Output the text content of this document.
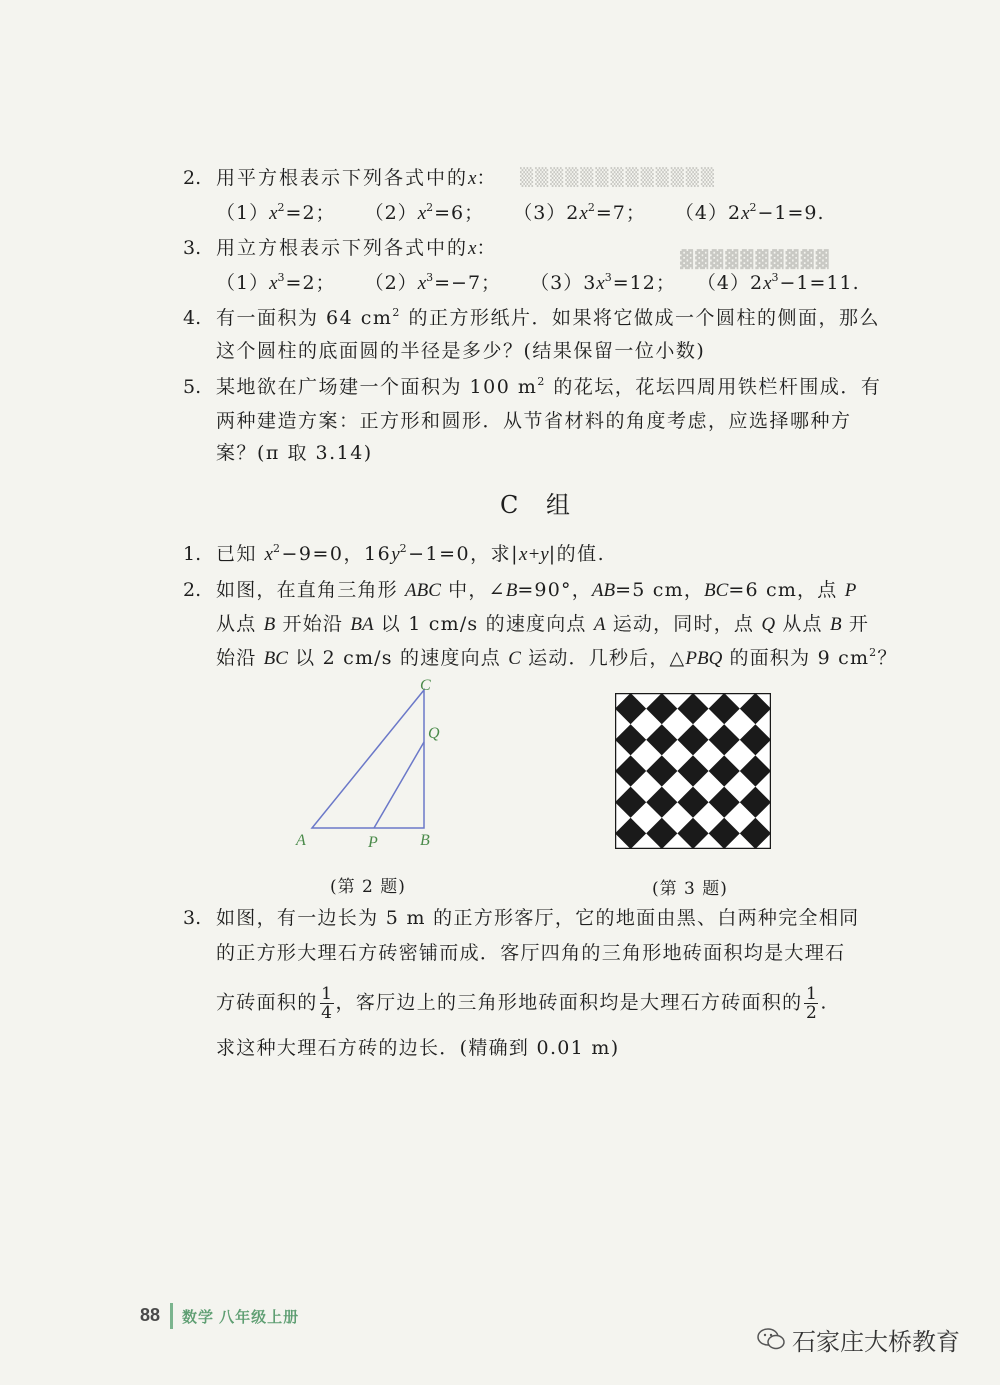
▒▒▒▒▒▒▒▒▒▒▒▒▒
▓▓▓▓▓▓▓▓▓▓
2. 用平方根表示下列各式中的x：
$(1)x^2=2$； $(2)x^2=6$； $(3)2x^2=7$； $(4)2x^2-1=9$.
3. 用立方根表示下列各式中的x：
$(1)x^3=2$； $(2)x^3=-7$； $(3)3x^3=12$； $(4)2x^3-1=11$.
4. 有一面积为 64 $cm^2$ 的正方形纸片．如果将它做成一个圆柱的侧面，那么
这个圆柱的底面圆的半径是多少？(结果保留一位小数)
5. 某地欲在广场建一个面积为 100 $m^2$ 的花坛，花坛四周用铁栏杆围成．有
两种建造方案：正方形和圆形．从节省材料的角度考虑，应选择哪种方
案？(π 取 3.14)
C 组
1. 已知 $x^2-9=0$，$16y^2-1=0$，求|x+y|的值.
2. 如图，在直角三角形 ABC 中，∠B=90°，AB=5 cm，BC=6 cm，点 P
从点 B 开始沿 BA 以 1 cm/s 的速度向点 A 运动，同时，点 Q 从点 B 开
始沿 BC 以 2 cm/s 的速度向点 C 运动．几秒后，△PBQ 的面积为 9 $cm^2$？
C
Q
A	P	B
(第 2 题)	(第 3 题)
3. 如图，有一边长为 5 m 的正方形客厅，它的地面由黑、白两种完全相同
的正方形大理石方砖密铺而成．客厅四角的三角形地砖面积均是大理石
方砖面积的 $\frac{1}{4}$ ，客厅边上的三角形地砖面积均是大理石方砖面积的 $\frac{1}{2}$ .
求这种大理石方砖的边长．(精确到 0.01 m)
88 数学 八年级上册
石家庄大桥教育
